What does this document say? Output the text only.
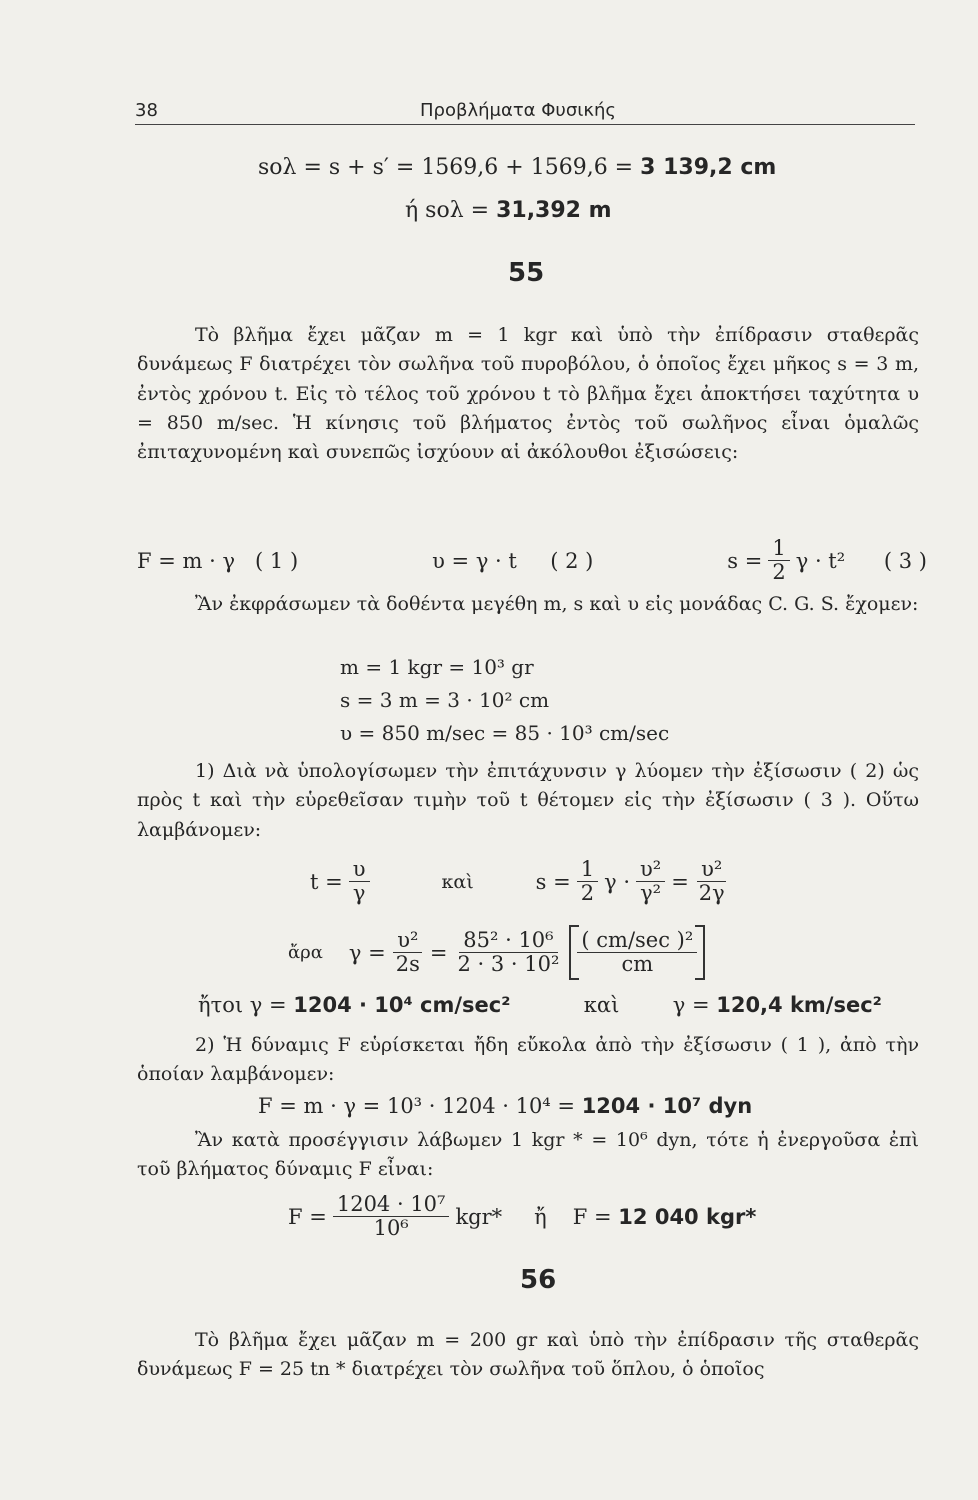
38	Προβλήματα Φυσικής
sολ = s + s′ = 1569,6 + 1569,6 = 3 139,2 cm
ή sολ = 31,392 m
55
Τὸ βλῆμα ἔχει μᾶζαν m = 1 kgr καὶ ὑπὸ τὴν ἐπίδρασιν σταθερᾶς δυνάμεως F διατρέχει τὸν σωλῆνα τοῦ πυροβόλου, ὁ ὁποῖος ἔχει μῆκος s = 3 m, ἐντὸς χρόνου t. Εἰς τὸ τέλος τοῦ χρόνου t τὸ βλῆμα ἔχει ἀποκτήσει ταχύτητα υ = 850 m/sec. Ἡ κίνησις τοῦ βλήματος ἐντὸς τοῦ σωλῆνος εἶναι ὁμαλῶς ἐπιταχυνομένη καὶ συνεπῶς ἰσχύουν αἱ ἀκόλουθοι ἐξισώσεις:
F = m · γ ( 1 )	υ = γ · t ( 2 )	$s = \frac{1}{2}$ γ · t²
( 3 )
Ἂν ἐκφράσωμεν τὰ δοθέντα μεγέθη m, s καὶ υ εἰς μονάδας C. G. S. ἔχομεν:
m = 1 kgr = 10³ gr
s = 3 m = 3 · 10² cm
υ = 850 m/sec = 85 · 10³ cm/sec
1) Διὰ νὰ ὑπολογίσωμεν τὴν ἐπιτάχυνσιν γ λύομεν τὴν ἐξίσωσιν ( 2) ὡς πρὸς t καὶ τὴν εὑρεθεῖσαν τιμὴν τοῦ t θέτομεν εἰς τὴν ἐξίσωσιν ( 3 ). Οὕτω λαμβάνομεν:
$t = \frac{\upsilon}{\gamma}$	καὶ	$s = \frac{1}{2}$ $\gamma \cdot \frac{\text{υ²}}{\text{γ²}} = \frac{\text{υ²}}{2\gamma}$
ἄρα $\gamma = \frac{\text{υ²}}{2s} = \frac{\text{85² · 10⁶}}{\text{2 · 3 · 10²}} \frac{\text{( cm/sec )²}}{cm}$
ἤτοι γ = 1204 · 10⁴ cm/sec²	καὶ	γ = 120,4 km/sec²
2) Ἡ δύναμις F εὑρίσκεται ἤδη εὔκολα ἀπὸ τὴν ἐξίσωσιν ( 1 ), ἀπὸ τὴν ὁποίαν λαμβάνομεν:
F = m · γ = 10³ · 1204 · 10⁴ = 1204 · 10⁷ dyn
Ἂν κατὰ προσέγγισιν λάβωμεν 1 kgr * = 10⁶ dyn, τότε ἡ ἐνεργοῦσα ἐπὶ τοῦ βλήματος δύναμις F εἶναι:
$F = \frac{\text{1204 · 10⁷}}{\text{10⁶}} kgr*$ ἤ F = 12 040 kgr*
56
Τὸ βλῆμα ἔχει μᾶζαν m = 200 gr καὶ ὑπὸ τὴν ἐπίδρασιν τῆς σταθερᾶς δυνάμεως F = 25 tn * διατρέχει τὸν σωλῆνα τοῦ ὅπλου, ὁ ὁποῖος
